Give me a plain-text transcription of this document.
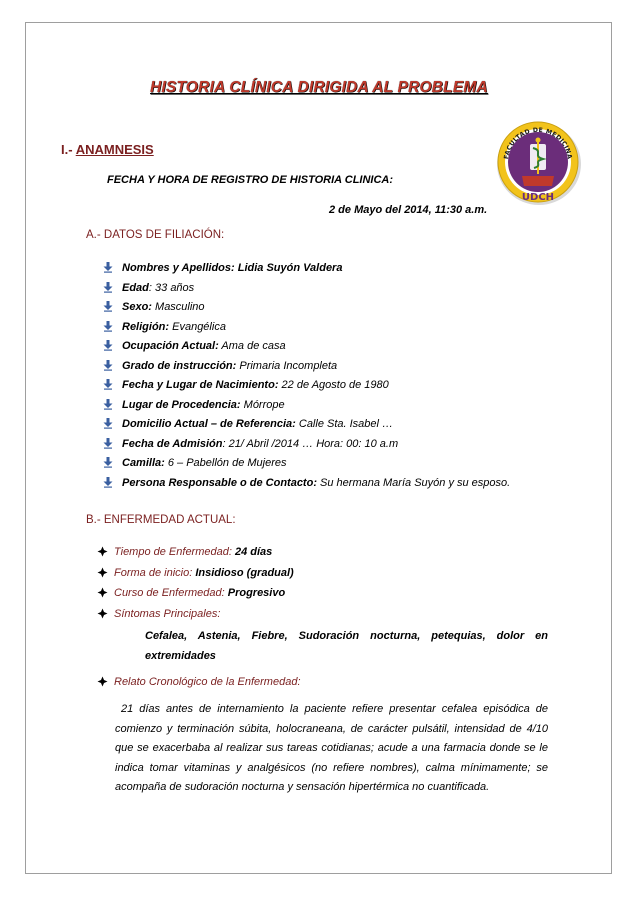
HISTORIA CLÍNICA DIRIGIDA AL PROBLEMA
I.- ANAMNESIS
FECHA Y HORA DE REGISTRO DE HISTORIA CLINICA:
2 de Mayo del 2014, 11:30 a.m.
FACULTAD DE MEDICINA
UDCH
A.- DATOS DE FILIACIÓN:
Nombres y Apellidos: Lidia Suyón Valdera
Edad: 33 años
Sexo: Masculino
Religión: Evangélica
Ocupación Actual: Ama de casa
Grado de instrucción: Primaria Incompleta
Fecha y Lugar de Nacimiento: 22 de Agosto de 1980
Lugar de Procedencia: Mórrope
Domicilio Actual – de Referencia: Calle Sta. Isabel …
Fecha de Admisión: 21/ Abril /2014 … Hora: 00: 10 a.m
Camilla: 6 – Pabellón de Mujeres
Persona Responsable o de Contacto: Su hermana María Suyón y su esposo.
B.- ENFERMEDAD ACTUAL:
Tiempo de Enfermedad: 24 días
Forma de inicio: Insidioso (gradual)
Curso de Enfermedad: Progresivo
Síntomas Principales:
Cefalea, Astenia, Fiebre, Sudoración nocturna, petequias, dolor en extremidades
Relato Cronológico de la Enfermedad:
21 días antes de internamiento la paciente refiere presentar cefalea episódica de comienzo y terminación súbita, holocraneana, de carácter pulsátil, intensidad de 4/10 que se exacerbaba al realizar sus tareas cotidianas; acude a una farmacia donde se le indica tomar vitaminas y analgésicos (no refiere nombres), calma mínimamente; se acompaña de sudoración nocturna y sensación hipertérmica no cuantificada.
